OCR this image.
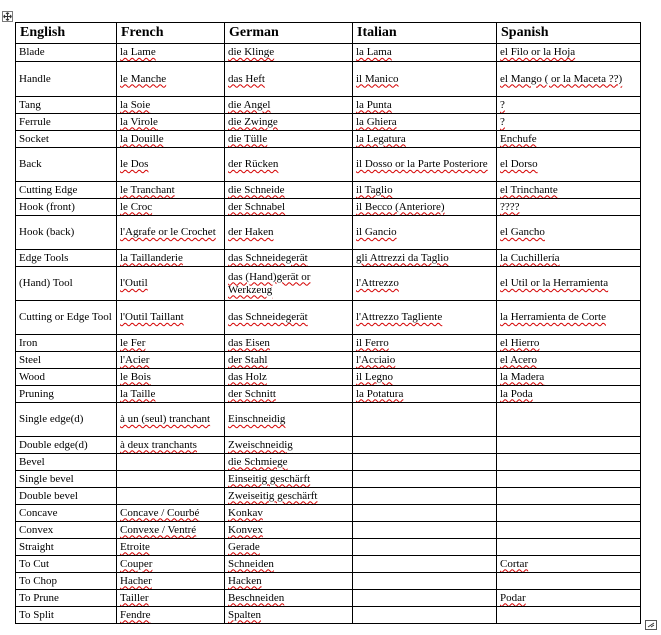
English	French	German	Italian	Spanish
Blade	la Lame	die Klinge	la Lama	el Filo or la Hoja
Handle	le Manche	das Heft	il Manico	el Mango ( or la Maceta ??)
Tang	la Soie	die Angel	la Punta	?
Ferrule	la Virole	die Zwinge	la Ghiera	?
Socket	la Douille	die Tülle	la Legatura	Enchufe
Back	le Dos	der Rücken	il Dosso or la Parte Posteriore	el Dorso
Cutting Edge	le Tranchant	die Schneide	il Taglio	el Trinchante
Hook (front)	le Croc	der Schnabel	il Becco (Anteriore)	????
Hook (back)	l'Agrafe or le Crochet	der Haken	il Gancio	el Gancho
Edge Tools	la Taillanderie	das Schneidegerät	gli Attrezzi da Taglio	la Cuchillería
(Hand) Tool	l'Outil	das (Hand)gerät or Werkzeug	l'Attrezzo	el Util or la Herramienta
Cutting or Edge Tool	l'Outil Taillant	das Schneidegerät	l'Attrezzo Tagliente	la Herramienta de Corte
Iron	le Fer	das Eisen	il Ferro	el Hierro
Steel	l'Acier	der Stahl	l'Acciaio	el Acero
Wood	le Bois	das Holz	il Legno	la Madera
Pruning	la Taille	der Schnitt	la Potatura	la Poda
Single edge(d)	à un (seul) tranchant	Einschneidig		
Double edge(d)	à deux tranchants	Zweischneidig		
Bevel		die Schmiege		
Single bevel		Einseitig geschärft		
Double bevel		Zweiseitig geschärft		
Concave	Concave / Courbé	Konkav		
Convex	Convexe / Ventré	Konvex		
Straight	Etroite	Gerade		
To Cut	Couper	Schneiden		Cortar
To Chop	Hacher	Hacken		
To Prune	Tailler	Beschneiden		Podar
To Split	Fendre	Spalten		
